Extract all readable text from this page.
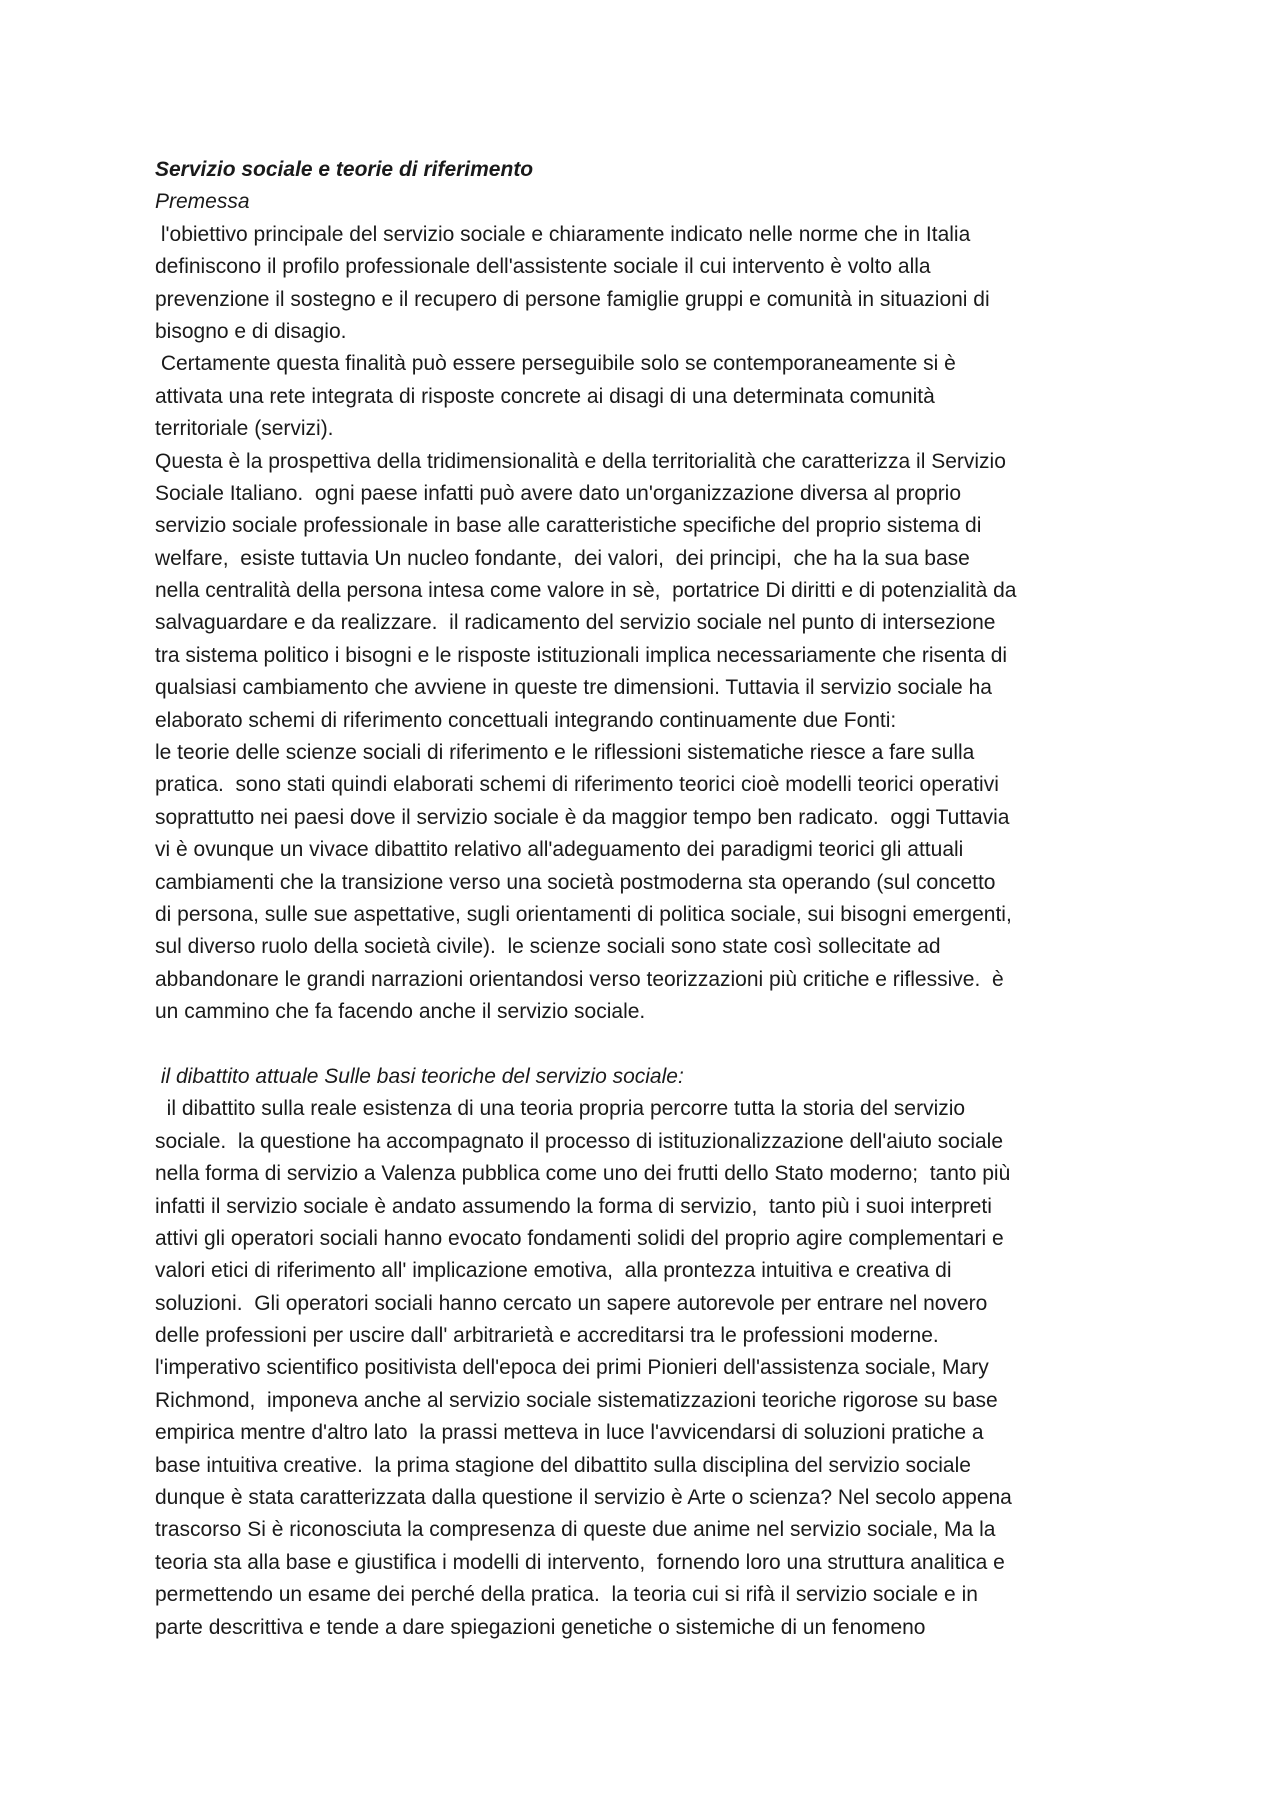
Servizio sociale e teorie di riferimento
Premessa
l'obiettivo principale del servizio sociale e chiaramente indicato nelle norme che in Italia
definiscono il profilo professionale dell'assistente sociale il cui intervento è volto alla
prevenzione il sostegno e il recupero di persone famiglie gruppi e comunità in situazioni di
bisogno e di disagio.
Certamente questa finalità può essere perseguibile solo se contemporaneamente si è
attivata una rete integrata di risposte concrete ai disagi di una determinata comunità
territoriale (servizi).
Questa è la prospettiva della tridimensionalità e della territorialità che caratterizza il Servizio
Sociale Italiano.  ogni paese infatti può avere dato un'organizzazione diversa al proprio
servizio sociale professionale in base alle caratteristiche specifiche del proprio sistema di
welfare,  esiste tuttavia Un nucleo fondante,  dei valori,  dei principi,  che ha la sua base
nella centralità della persona intesa come valore in sè,  portatrice Di diritti e di potenzialità da
salvaguardare e da realizzare.  il radicamento del servizio sociale nel punto di intersezione
tra sistema politico i bisogni e le risposte istituzionali implica necessariamente che risenta di
qualsiasi cambiamento che avviene in queste tre dimensioni. Tuttavia il servizio sociale ha
elaborato schemi di riferimento concettuali integrando continuamente due Fonti:
le teorie delle scienze sociali di riferimento e le riflessioni sistematiche riesce a fare sulla
pratica.  sono stati quindi elaborati schemi di riferimento teorici cioè modelli teorici operativi
soprattutto nei paesi dove il servizio sociale è da maggior tempo ben radicato.  oggi Tuttavia
vi è ovunque un vivace dibattito relativo all'adeguamento dei paradigmi teorici gli attuali
cambiamenti che la transizione verso una società postmoderna sta operando (sul concetto
di persona, sulle sue aspettative, sugli orientamenti di politica sociale, sui bisogni emergenti,
sul diverso ruolo della società civile).  le scienze sociali sono state così sollecitate ad
abbandonare le grandi narrazioni orientandosi verso teorizzazioni più critiche e riflessive.  è
un cammino che fa facendo anche il servizio sociale.
il dibattito attuale Sulle basi teoriche del servizio sociale:
il dibattito sulla reale esistenza di una teoria propria percorre tutta la storia del servizio
sociale.  la questione ha accompagnato il processo di istituzionalizzazione dell'aiuto sociale
nella forma di servizio a Valenza pubblica come uno dei frutti dello Stato moderno;  tanto più
infatti il servizio sociale è andato assumendo la forma di servizio,  tanto più i suoi interpreti
attivi gli operatori sociali hanno evocato fondamenti solidi del proprio agire complementari e
valori etici di riferimento all' implicazione emotiva,  alla prontezza intuitiva e creativa di
soluzioni.  Gli operatori sociali hanno cercato un sapere autorevole per entrare nel novero
delle professioni per uscire dall' arbitrarietà e accreditarsi tra le professioni moderne.
l'imperativo scientifico positivista dell'epoca dei primi Pionieri dell'assistenza sociale, Mary
Richmond,  imponeva anche al servizio sociale sistematizzazioni teoriche rigorose su base
empirica mentre d'altro lato  la prassi metteva in luce l'avvicendarsi di soluzioni pratiche a
base intuitiva creative.  la prima stagione del dibattito sulla disciplina del servizio sociale
dunque è stata caratterizzata dalla questione il servizio è Arte o scienza? Nel secolo appena
trascorso Si è riconosciuta la compresenza di queste due anime nel servizio sociale, Ma la
teoria sta alla base e giustifica i modelli di intervento,  fornendo loro una struttura analitica e
permettendo un esame dei perché della pratica.  la teoria cui si rifà il servizio sociale e in
parte descrittiva e tende a dare spiegazioni genetiche o sistemiche di un fenomeno
